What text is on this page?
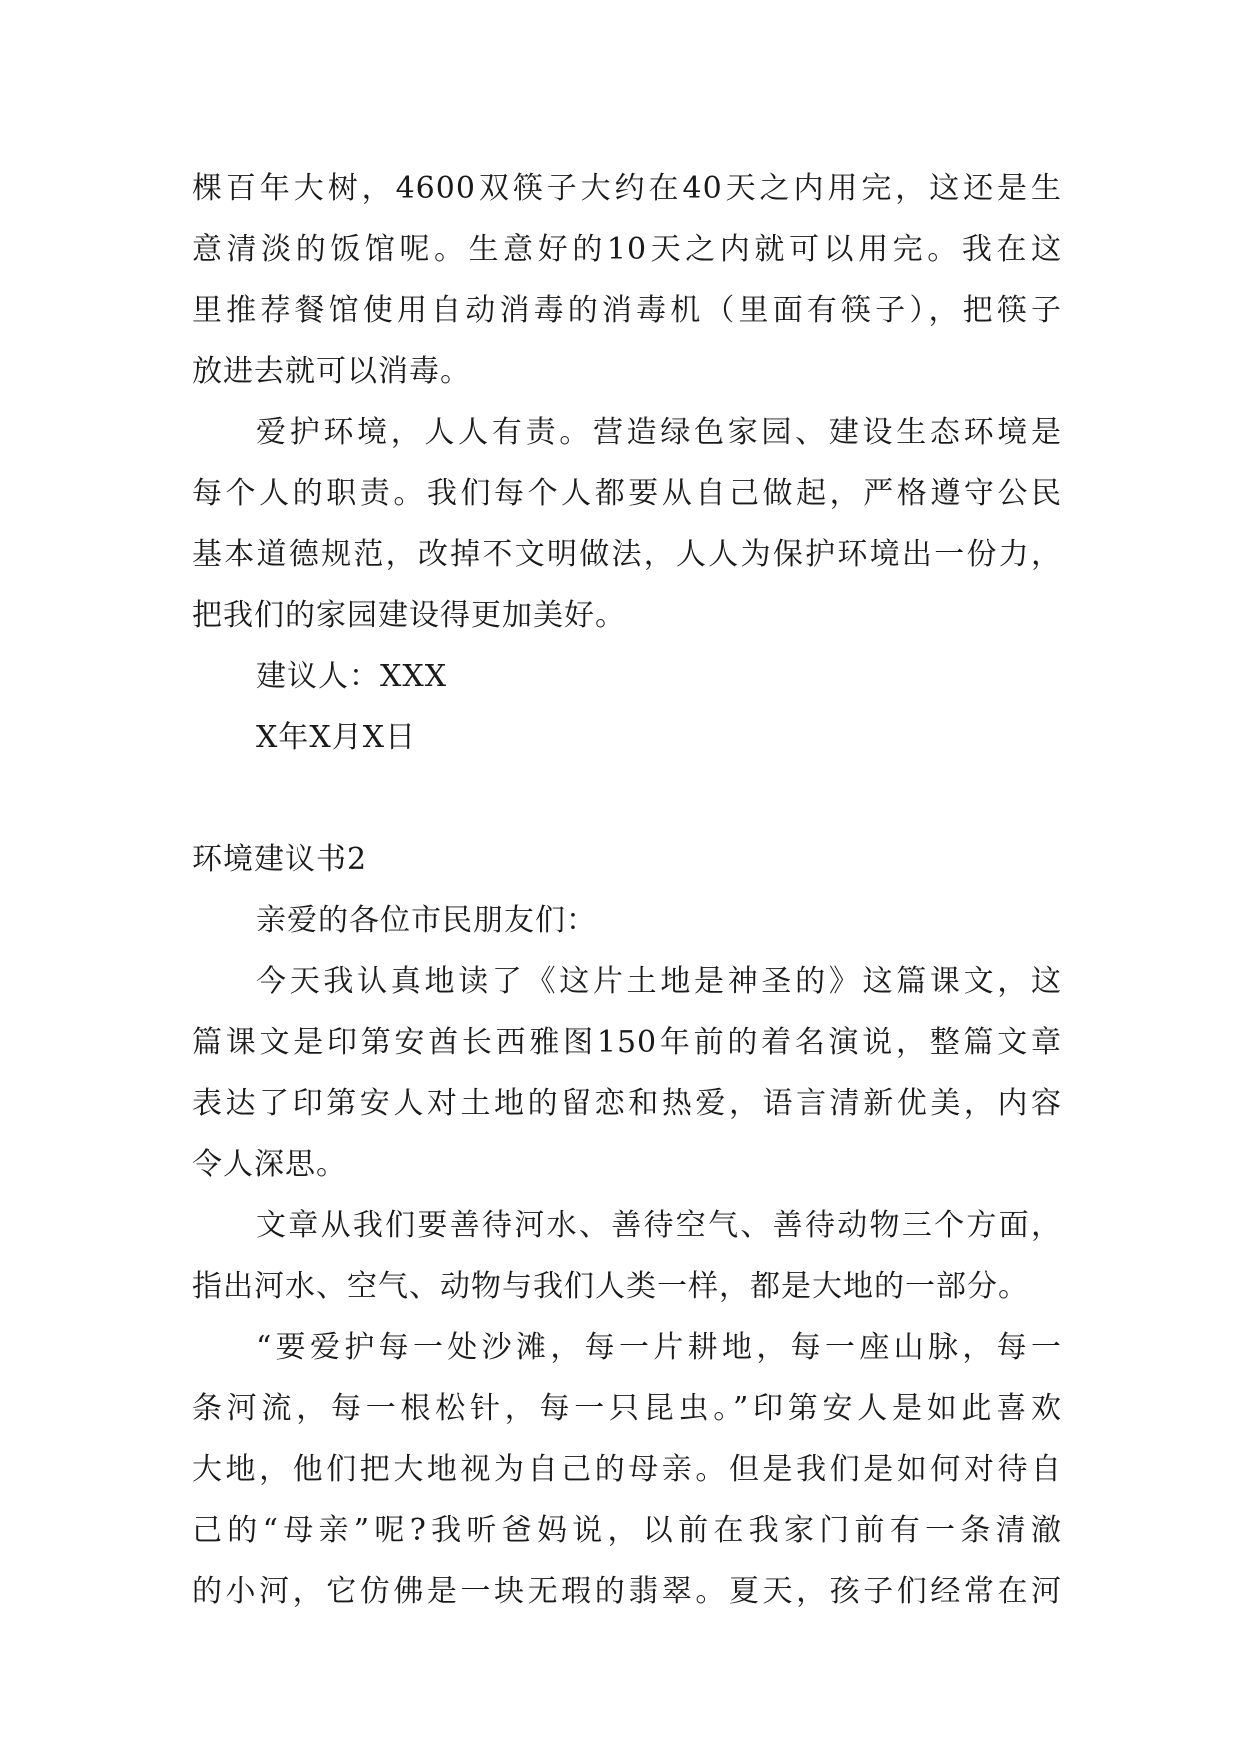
棵百年大树，4600双筷子大约在40天之内用完，这还是生
意清淡的饭馆呢。生意好的10天之内就可以用完。我在这
里推荐餐馆使用自动消毒的消毒机（里面有筷子），把筷子
放进去就可以消毒。
爱护环境，人人有责。营造绿色家园、建设生态环境是
每个人的职责。我们每个人都要从自己做起，严格遵守公民
基本道德规范，改掉不文明做法，人人为保护环境出一份力，
把我们的家园建设得更加美好。
建议人：XXX
X年X月X日
环境建议书2
亲爱的各位市民朋友们：
今天我认真地读了《这片土地是神圣的》这篇课文，这
篇课文是印第安酋长西雅图150年前的着名演说，整篇文章
表达了印第安人对土地的留恋和热爱，语言清新优美，内容
令人深思。
文章从我们要善待河水、善待空气、善待动物三个方面，
指出河水、空气、动物与我们人类一样，都是大地的一部分。
“要爱护每一处沙滩，每一片耕地，每一座山脉，每一
条河流，每一根松针，每一只昆虫。”印第安人是如此喜欢
大地，他们把大地视为自己的母亲。但是我们是如何对待自
己的“母亲”呢?我听爸妈说，以前在我家门前有一条清澈
的小河，它仿佛是一块无瑕的翡翠。夏天，孩子们经常在河
